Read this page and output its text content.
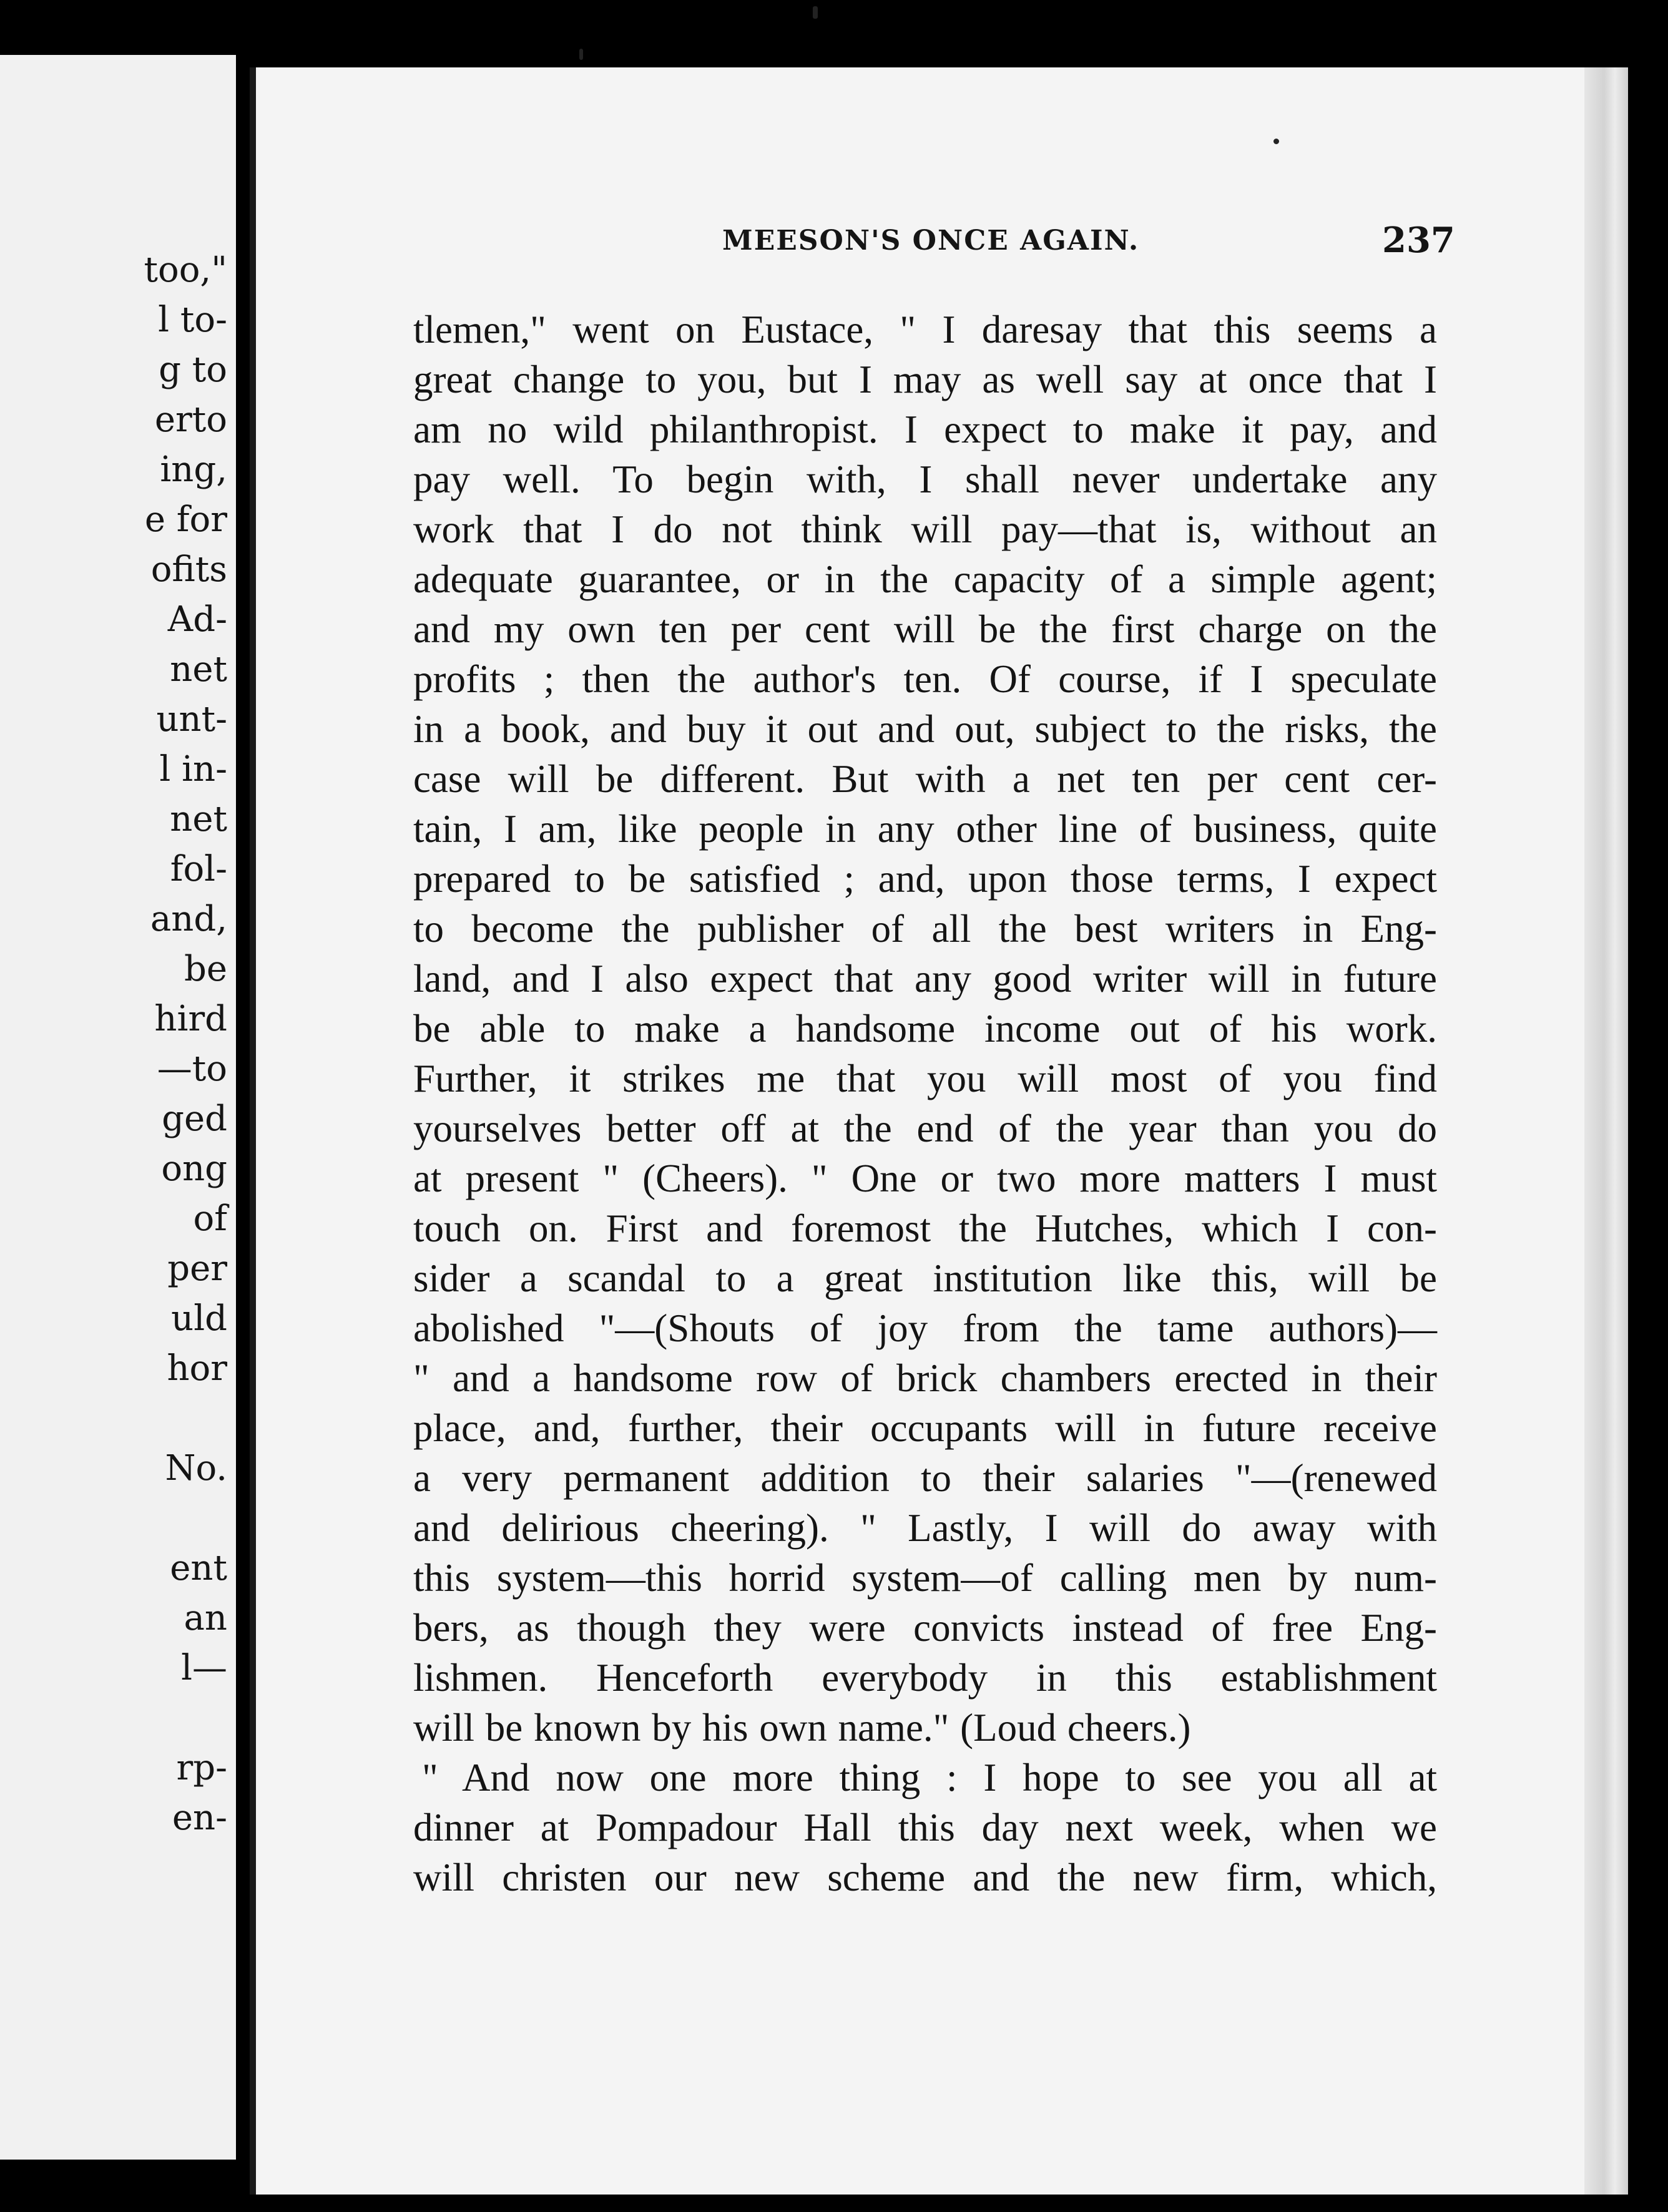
too,"
l to-
g to
erto
ing,
e for
ofits
Ad-
net
unt-
l in-
net
fol-
and,
be
hird
—to
ged
ong
of
per
uld
hor
No.
ent
an
l—
rp-
en-
MEESON'S ONCE AGAIN.	237
tlemen," went on Eustace, " I daresay that this seems a
great change to you, but I may as well say at once that I
am no wild philanthropist. I expect to make it pay, and
pay well. To begin with, I shall never undertake any
work that I do not think will pay—that is, without an
adequate guarantee, or in the capacity of a simple agent;
and my own ten per cent will be the first charge on the
profits ; then the author's ten. Of course, if I speculate
in a book, and buy it out and out, subject to the risks, the
case will be different. But with a net ten per cent cer-
tain, I am, like people in any other line of business, quite
prepared to be satisfied ; and, upon those terms, I expect
to become the publisher of all the best writers in Eng-
land, and I also expect that any good writer will in future
be able to make a handsome income out of his work.
Further, it strikes me that you will most of you find
yourselves better off at the end of the year than you do
at present " (Cheers). " One or two more matters I must
touch on. First and foremost the Hutches, which I con-
sider a scandal to a great institution like this, will be
abolished "—(Shouts of joy from the tame authors)—
" and a handsome row of brick chambers erected in their
place, and, further, their occupants will in future receive
a very permanent addition to their salaries "—(renewed
and delirious cheering). " Lastly, I will do away with
this system—this horrid system—of calling men by num-
bers, as though they were convicts instead of free Eng-
lishmen. Henceforth everybody in this establishment
will be known by his own name." (Loud cheers.)
" And now one more thing : I hope to see you all at
dinner at Pompadour Hall this day next week, when we
will christen our new scheme and the new firm, which,
